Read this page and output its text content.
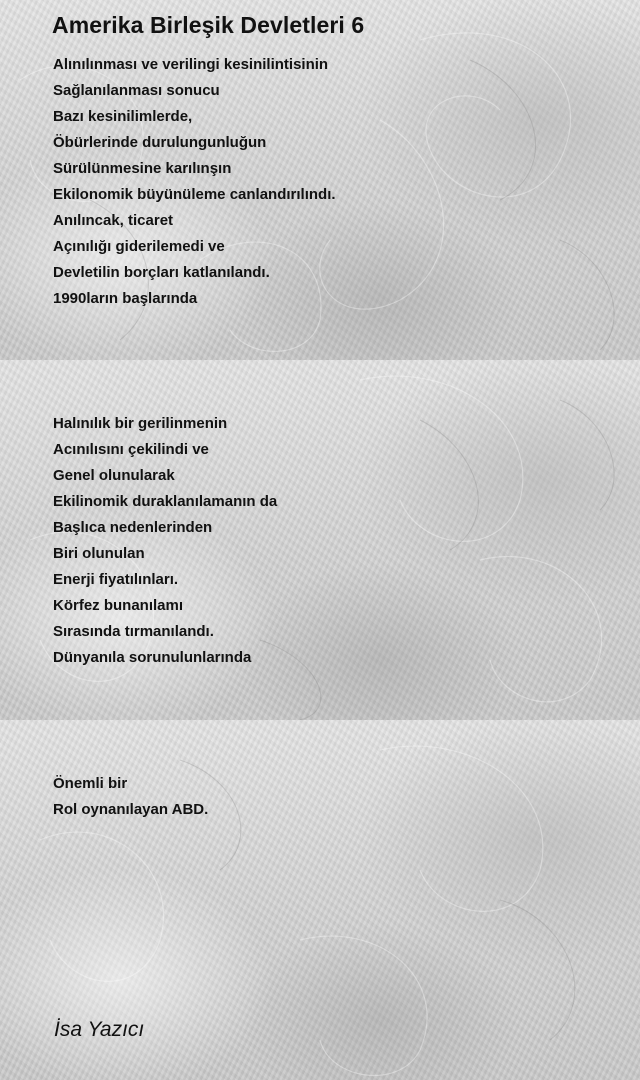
Amerika Birleşik Devletleri 6
Alınılınması ve verilingi kesinilintisinin
Sağlanılanması sonucu
Bazı kesinilimlerde,
Öbürlerinde durulungunluğun
Sürülünmesine karılınşın
Ekilonomik büyünüleme canlandırılındı.
Anılıncak, ticaret
Açınılığı giderilemedi ve
Devletilin borçları katlanılandı.
1990ların başlarında
Halınılık bir gerilinmenin
Acınılısını çekilindi ve
Genel olunularak
Ekilinomik duraklanılamanın da
Başlıca nedenlerinden
Biri olunulan
Enerji fiyatılınları.
Körfez bunanılamı
Sırasında tırmanılandı.
Dünyanıla sorunulunlarında
Önemli bir
Rol oynanılayan ABD.
İsa Yazıcı
